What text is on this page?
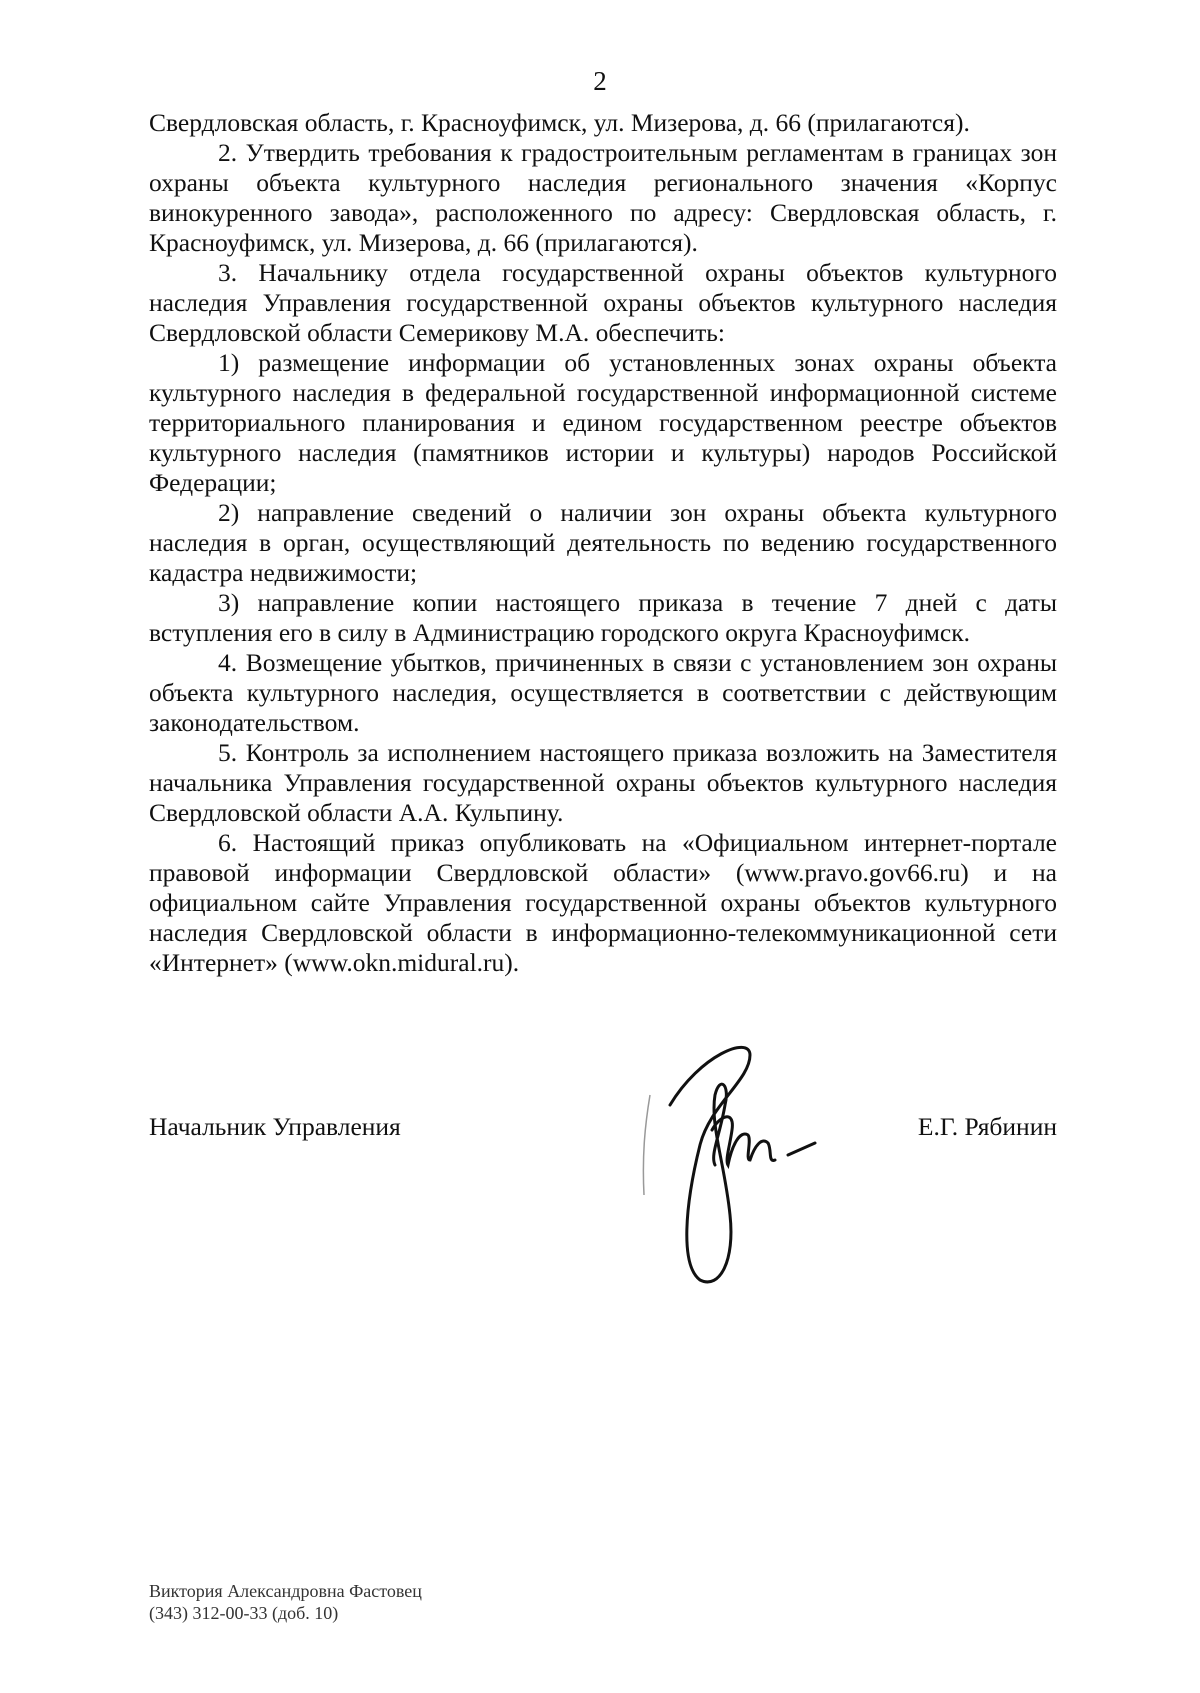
2

Свердловская область, г. Красноуфимск, ул. Мизерова, д. 66 (прилагаются).

2. Утвердить требования к градостроительным регламентам в границах зон охраны объекта культурного наследия регионального значения «Корпус винокуренного завода», расположенного по адресу: Свердловская область, г. Красноуфимск, ул. Мизерова, д. 66 (прилагаются).

3. Начальнику отдела государственной охраны объектов культурного наследия Управления государственной охраны объектов культурного наследия Свердловской области Семерикову М.А. обеспечить:

1) размещение информации об установленных зонах охраны объекта культурного наследия в федеральной государственной информационной системе территориального планирования и едином государственном реестре объектов культурного наследия (памятников истории и культуры) народов Российской Федерации;

2) направление сведений о наличии зон охраны объекта культурного наследия в орган, осуществляющий деятельность по ведению государственного кадастра недвижимости;

3) направление копии настоящего приказа в течение 7 дней с даты вступления его в силу в Администрацию городского округа Красноуфимск.

4. Возмещение убытков, причиненных в связи с установлением зон охраны объекта культурного наследия, осуществляется в соответствии с действующим законодательством.

5. Контроль за исполнением настоящего приказа возложить на Заместителя начальника Управления государственной охраны объектов культурного наследия Свердловской области А.А. Кульпину.

6. Настоящий приказ опубликовать на «Официальном интернет-портале правовой информации Свердловской области» (www.pravo.gov66.ru) и на официальном сайте Управления государственной охраны объектов культурного наследия Свердловской области в информационно-телекоммуникационной сети «Интернет» (www.okn.midural.ru).

Начальник Управления	Е.Г. Рябинин
Виктория Александровна Фастовец
(343) 312-00-33 (доб. 10)
